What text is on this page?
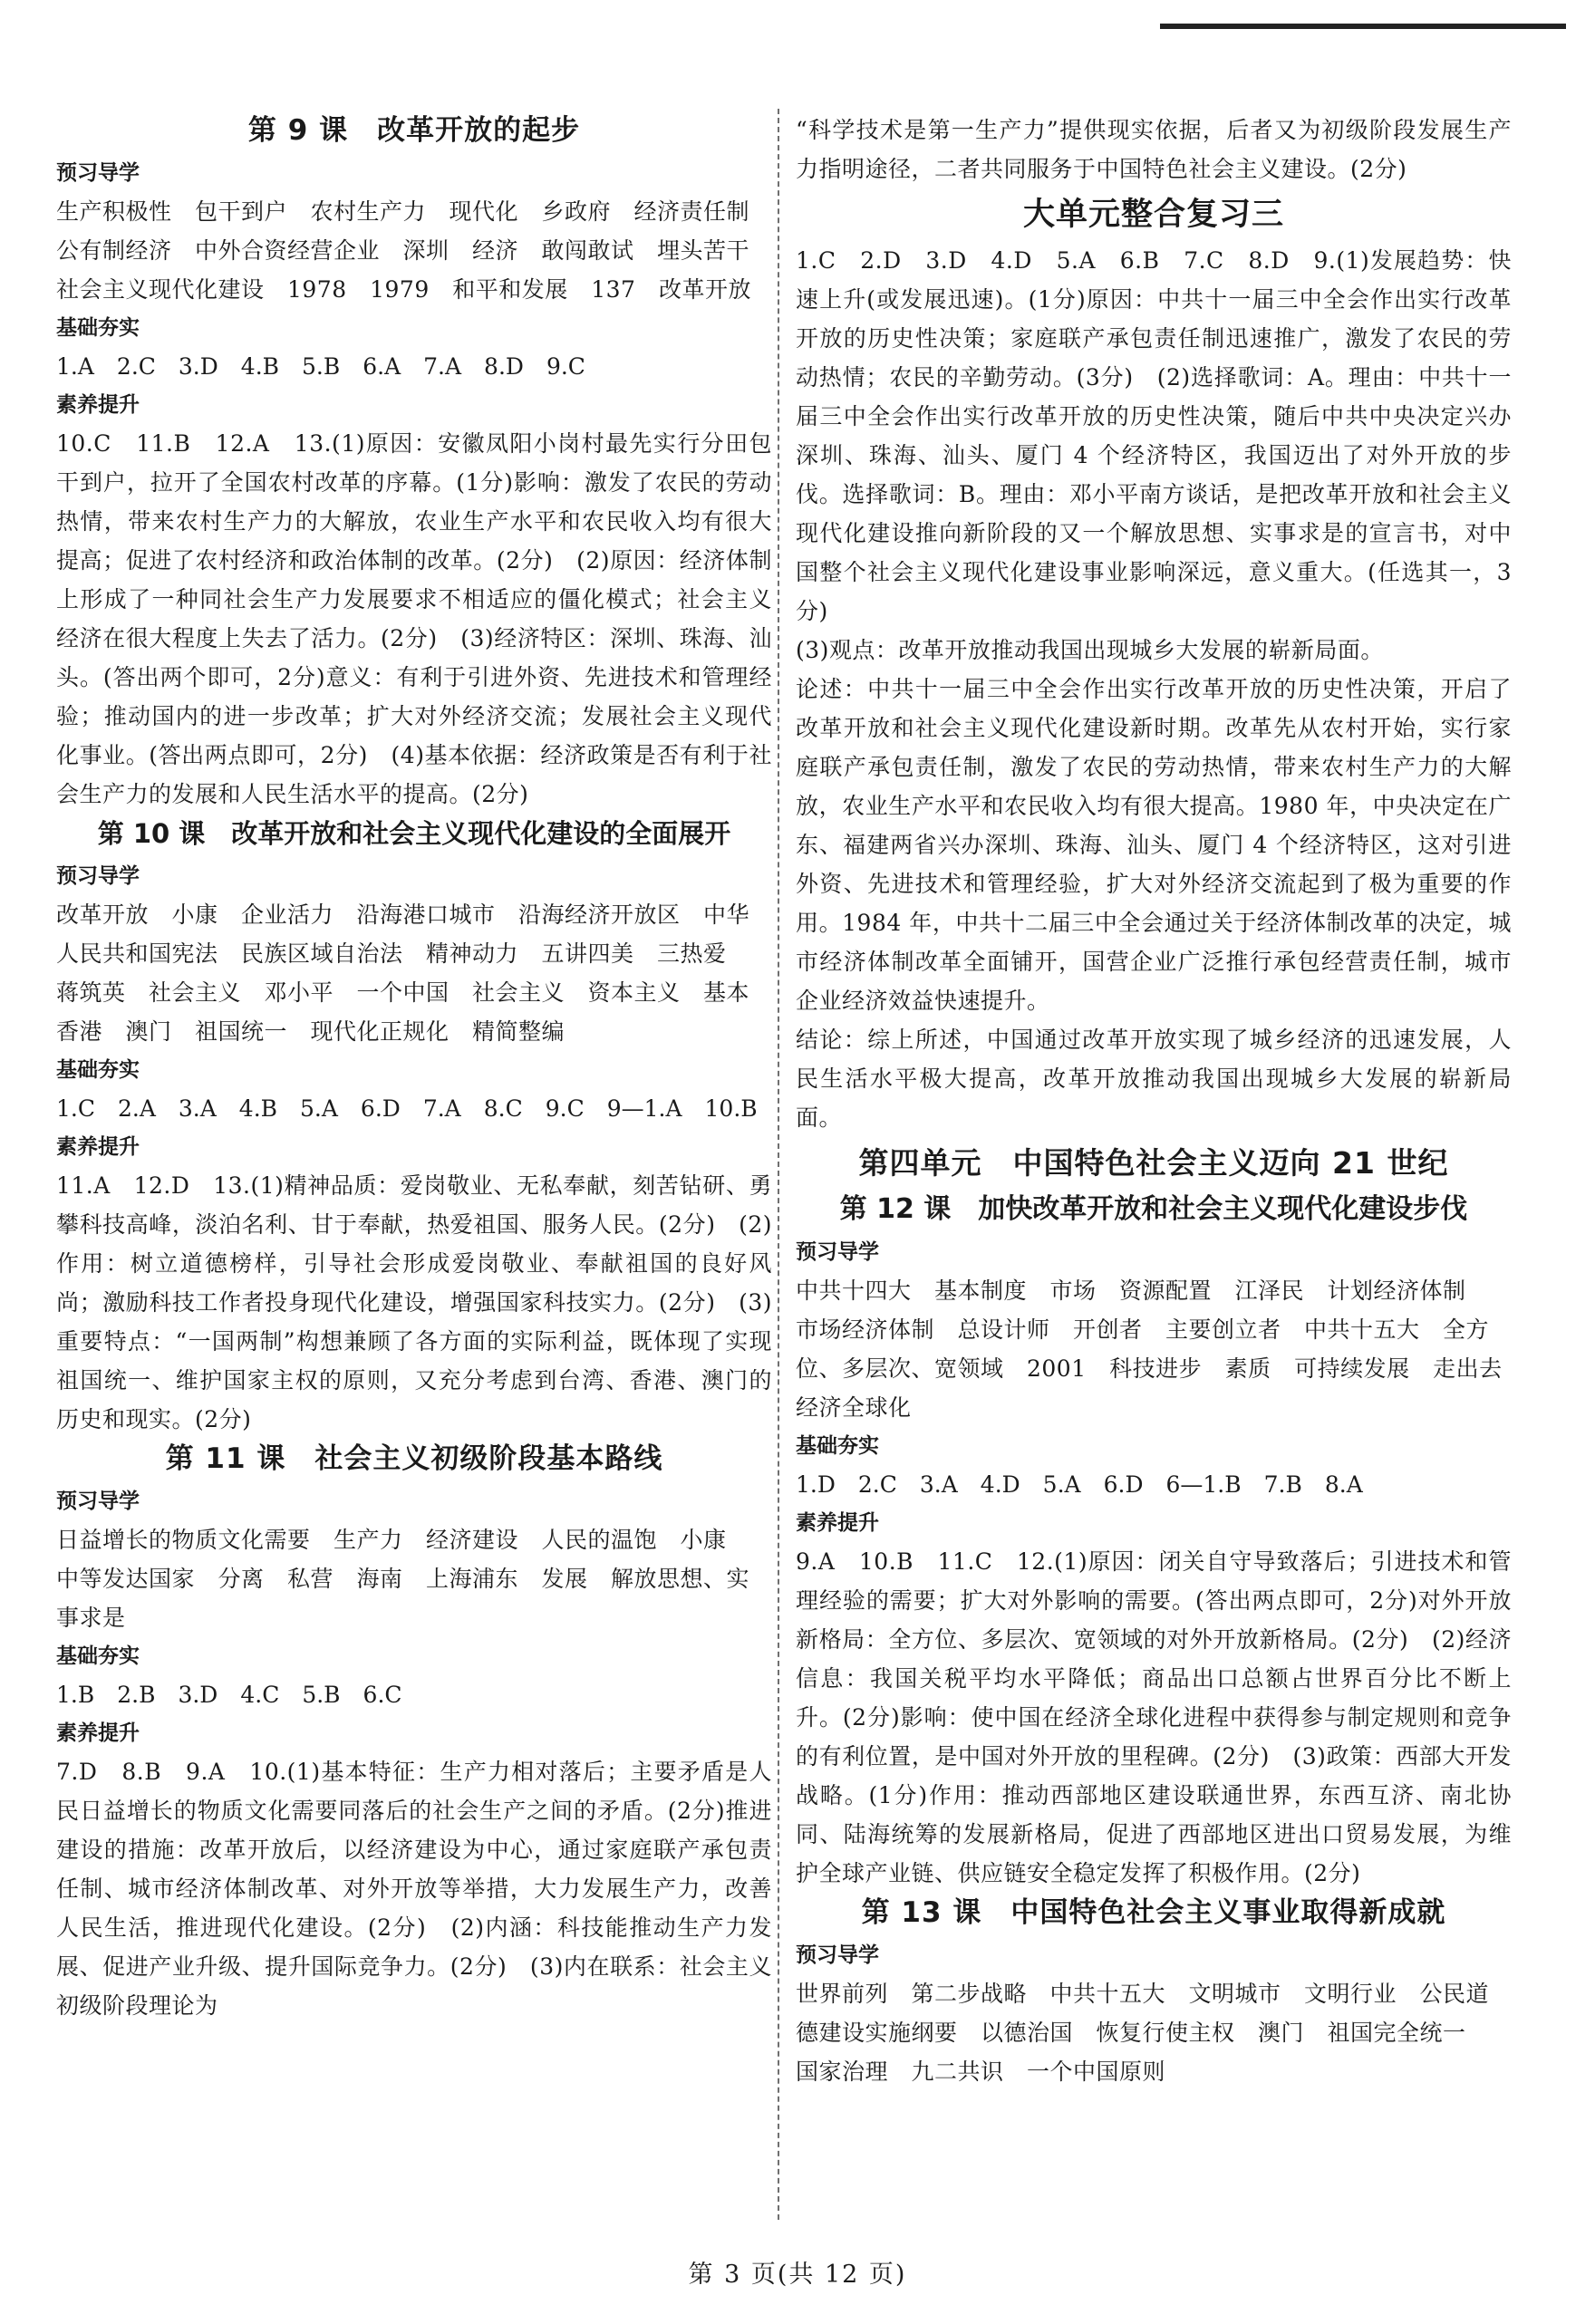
第 9 课　改革开放的起步

预习导学

生产积极性　包干到户　农村生产力　现代化　乡政府　经济责任制　公有制经济　中外合资经营企业　深圳　经济　敢闯敢试　埋头苦干　社会主义现代化建设　1978　1979　和平和发展　137　改革开放

基础夯实

1.A　2.C　3.D　4.B　5.B　6.A　7.A　8.D　9.C

素养提升

10.C　11.B　12.A　13.(1)原因：安徽凤阳小岗村最先实行分田包干到户，拉开了全国农村改革的序幕。(1分)影响：激发了农民的劳动热情，带来农村生产力的大解放，农业生产水平和农民收入均有很大提高；促进了农村经济和政治体制的改革。(2分)　(2)原因：经济体制上形成了一种同社会生产力发展要求不相适应的僵化模式；社会主义经济在很大程度上失去了活力。(2分)　(3)经济特区：深圳、珠海、汕头。(答出两个即可，2分)意义：有利于引进外资、先进技术和管理经验；推动国内的进一步改革；扩大对外经济交流；发展社会主义现代化事业。(答出两点即可，2分)　(4)基本依据：经济政策是否有利于社会生产力的发展和人民生活水平的提高。(2分)

第 10 课　改革开放和社会主义现代化建设的全面展开

预习导学

改革开放　小康　企业活力　沿海港口城市　沿海经济开放区　中华人民共和国宪法　民族区域自治法　精神动力　五讲四美　三热爱　蒋筑英　社会主义　邓小平　一个中国　社会主义　资本主义　基本　香港　澳门　祖国统一　现代化正规化　精简整编

基础夯实

1.C　2.A　3.A　4.B　5.A　6.D　7.A　8.C　9.C　9—1.A　10.B

素养提升

11.A　12.D　13.(1)精神品质：爱岗敬业、无私奉献，刻苦钻研、勇攀科技高峰，淡泊名利、甘于奉献，热爱祖国、服务人民。(2分)　(2)作用：树立道德榜样，引导社会形成爱岗敬业、奉献祖国的良好风尚；激励科技工作者投身现代化建设，增强国家科技实力。(2分)　(3)重要特点：“一国两制”构想兼顾了各方面的实际利益，既体现了实现祖国统一、维护国家主权的原则，又充分考虑到台湾、香港、澳门的历史和现实。(2分)

第 11 课　社会主义初级阶段基本路线

预习导学

日益增长的物质文化需要　生产力　经济建设　人民的温饱　小康　中等发达国家　分离　私营　海南　上海浦东　发展　解放思想、实事求是

基础夯实

1.B　2.B　3.D　4.C　5.B　6.C

素养提升

7.D　8.B　9.A　10.(1)基本特征：生产力相对落后；主要矛盾是人民日益增长的物质文化需要同落后的社会生产之间的矛盾。(2分)推进建设的措施：改革开放后，以经济建设为中心，通过家庭联产承包责任制、城市经济体制改革、对外开放等举措，大力发展生产力，改善人民生活，推进现代化建设。(2分)　(2)内涵：科技能推动生产力发展、促进产业升级、提升国际竞争力。(2分)　(3)内在联系：社会主义初级阶段理论为

“科学技术是第一生产力”提供现实依据，后者又为初级阶段发展生产力指明途径，二者共同服务于中国特色社会主义建设。(2分)

大单元整合复习三

1.C　2.D　3.D　4.D　5.A　6.B　7.C　8.D　9.(1)发展趋势：快速上升(或发展迅速)。(1分)原因：中共十一届三中全会作出实行改革开放的历史性决策；家庭联产承包责任制迅速推广，激发了农民的劳动热情；农民的辛勤劳动。(3分)　(2)选择歌词：A。理由：中共十一届三中全会作出实行改革开放的历史性决策，随后中共中央决定兴办深圳、珠海、汕头、厦门 4 个经济特区，我国迈出了对外开放的步伐。选择歌词：B。理由：邓小平南方谈话，是把改革开放和社会主义现代化建设推向新阶段的又一个解放思想、实事求是的宣言书，对中国整个社会主义现代化建设事业影响深远，意义重大。(任选其一，3分)

(3)观点：改革开放推动我国出现城乡大发展的崭新局面。

论述：中共十一届三中全会作出实行改革开放的历史性决策，开启了改革开放和社会主义现代化建设新时期。改革先从农村开始，实行家庭联产承包责任制，激发了农民的劳动热情，带来农村生产力的大解放，农业生产水平和农民收入均有很大提高。1980 年，中央决定在广东、福建两省兴办深圳、珠海、汕头、厦门 4 个经济特区，这对引进外资、先进技术和管理经验，扩大对外经济交流起到了极为重要的作用。1984 年，中共十二届三中全会通过关于经济体制改革的决定，城市经济体制改革全面铺开，国营企业广泛推行承包经营责任制，城市企业经济效益快速提升。

结论：综上所述，中国通过改革开放实现了城乡经济的迅速发展，人民生活水平极大提高，改革开放推动我国出现城乡大发展的崭新局面。

第四单元　中国特色社会主义迈向 21 世纪
第 12 课　加快改革开放和社会主义现代化建设步伐

预习导学

中共十四大　基本制度　市场　资源配置　江泽民　计划经济体制　市场经济体制　总设计师　开创者　主要创立者　中共十五大　全方位、多层次、宽领域　2001　科技进步　素质　可持续发展　走出去　经济全球化

基础夯实

1.D　2.C　3.A　4.D　5.A　6.D　6—1.B　7.B　8.A

素养提升

9.A　10.B　11.C　12.(1)原因：闭关自守导致落后；引进技术和管理经验的需要；扩大对外影响的需要。(答出两点即可，2分)对外开放新格局：全方位、多层次、宽领域的对外开放新格局。(2分)　(2)经济信息：我国关税平均水平降低；商品出口总额占世界百分比不断上升。(2分)影响：使中国在经济全球化进程中获得参与制定规则和竞争的有利位置，是中国对外开放的里程碑。(2分)　(3)政策：西部大开发战略。(1分)作用：推动西部地区建设联通世界，东西互济、南北协同、陆海统筹的发展新格局，促进了西部地区进出口贸易发展，为维护全球产业链、供应链安全稳定发挥了积极作用。(2分)

第 13 课　中国特色社会主义事业取得新成就

预习导学

世界前列　第二步战略　中共十五大　文明城市　文明行业　公民道德建设实施纲要　以德治国　恢复行使主权　澳门　祖国完全统一　国家治理　九二共识　一个中国原则

第 3 页(共 12 页)
